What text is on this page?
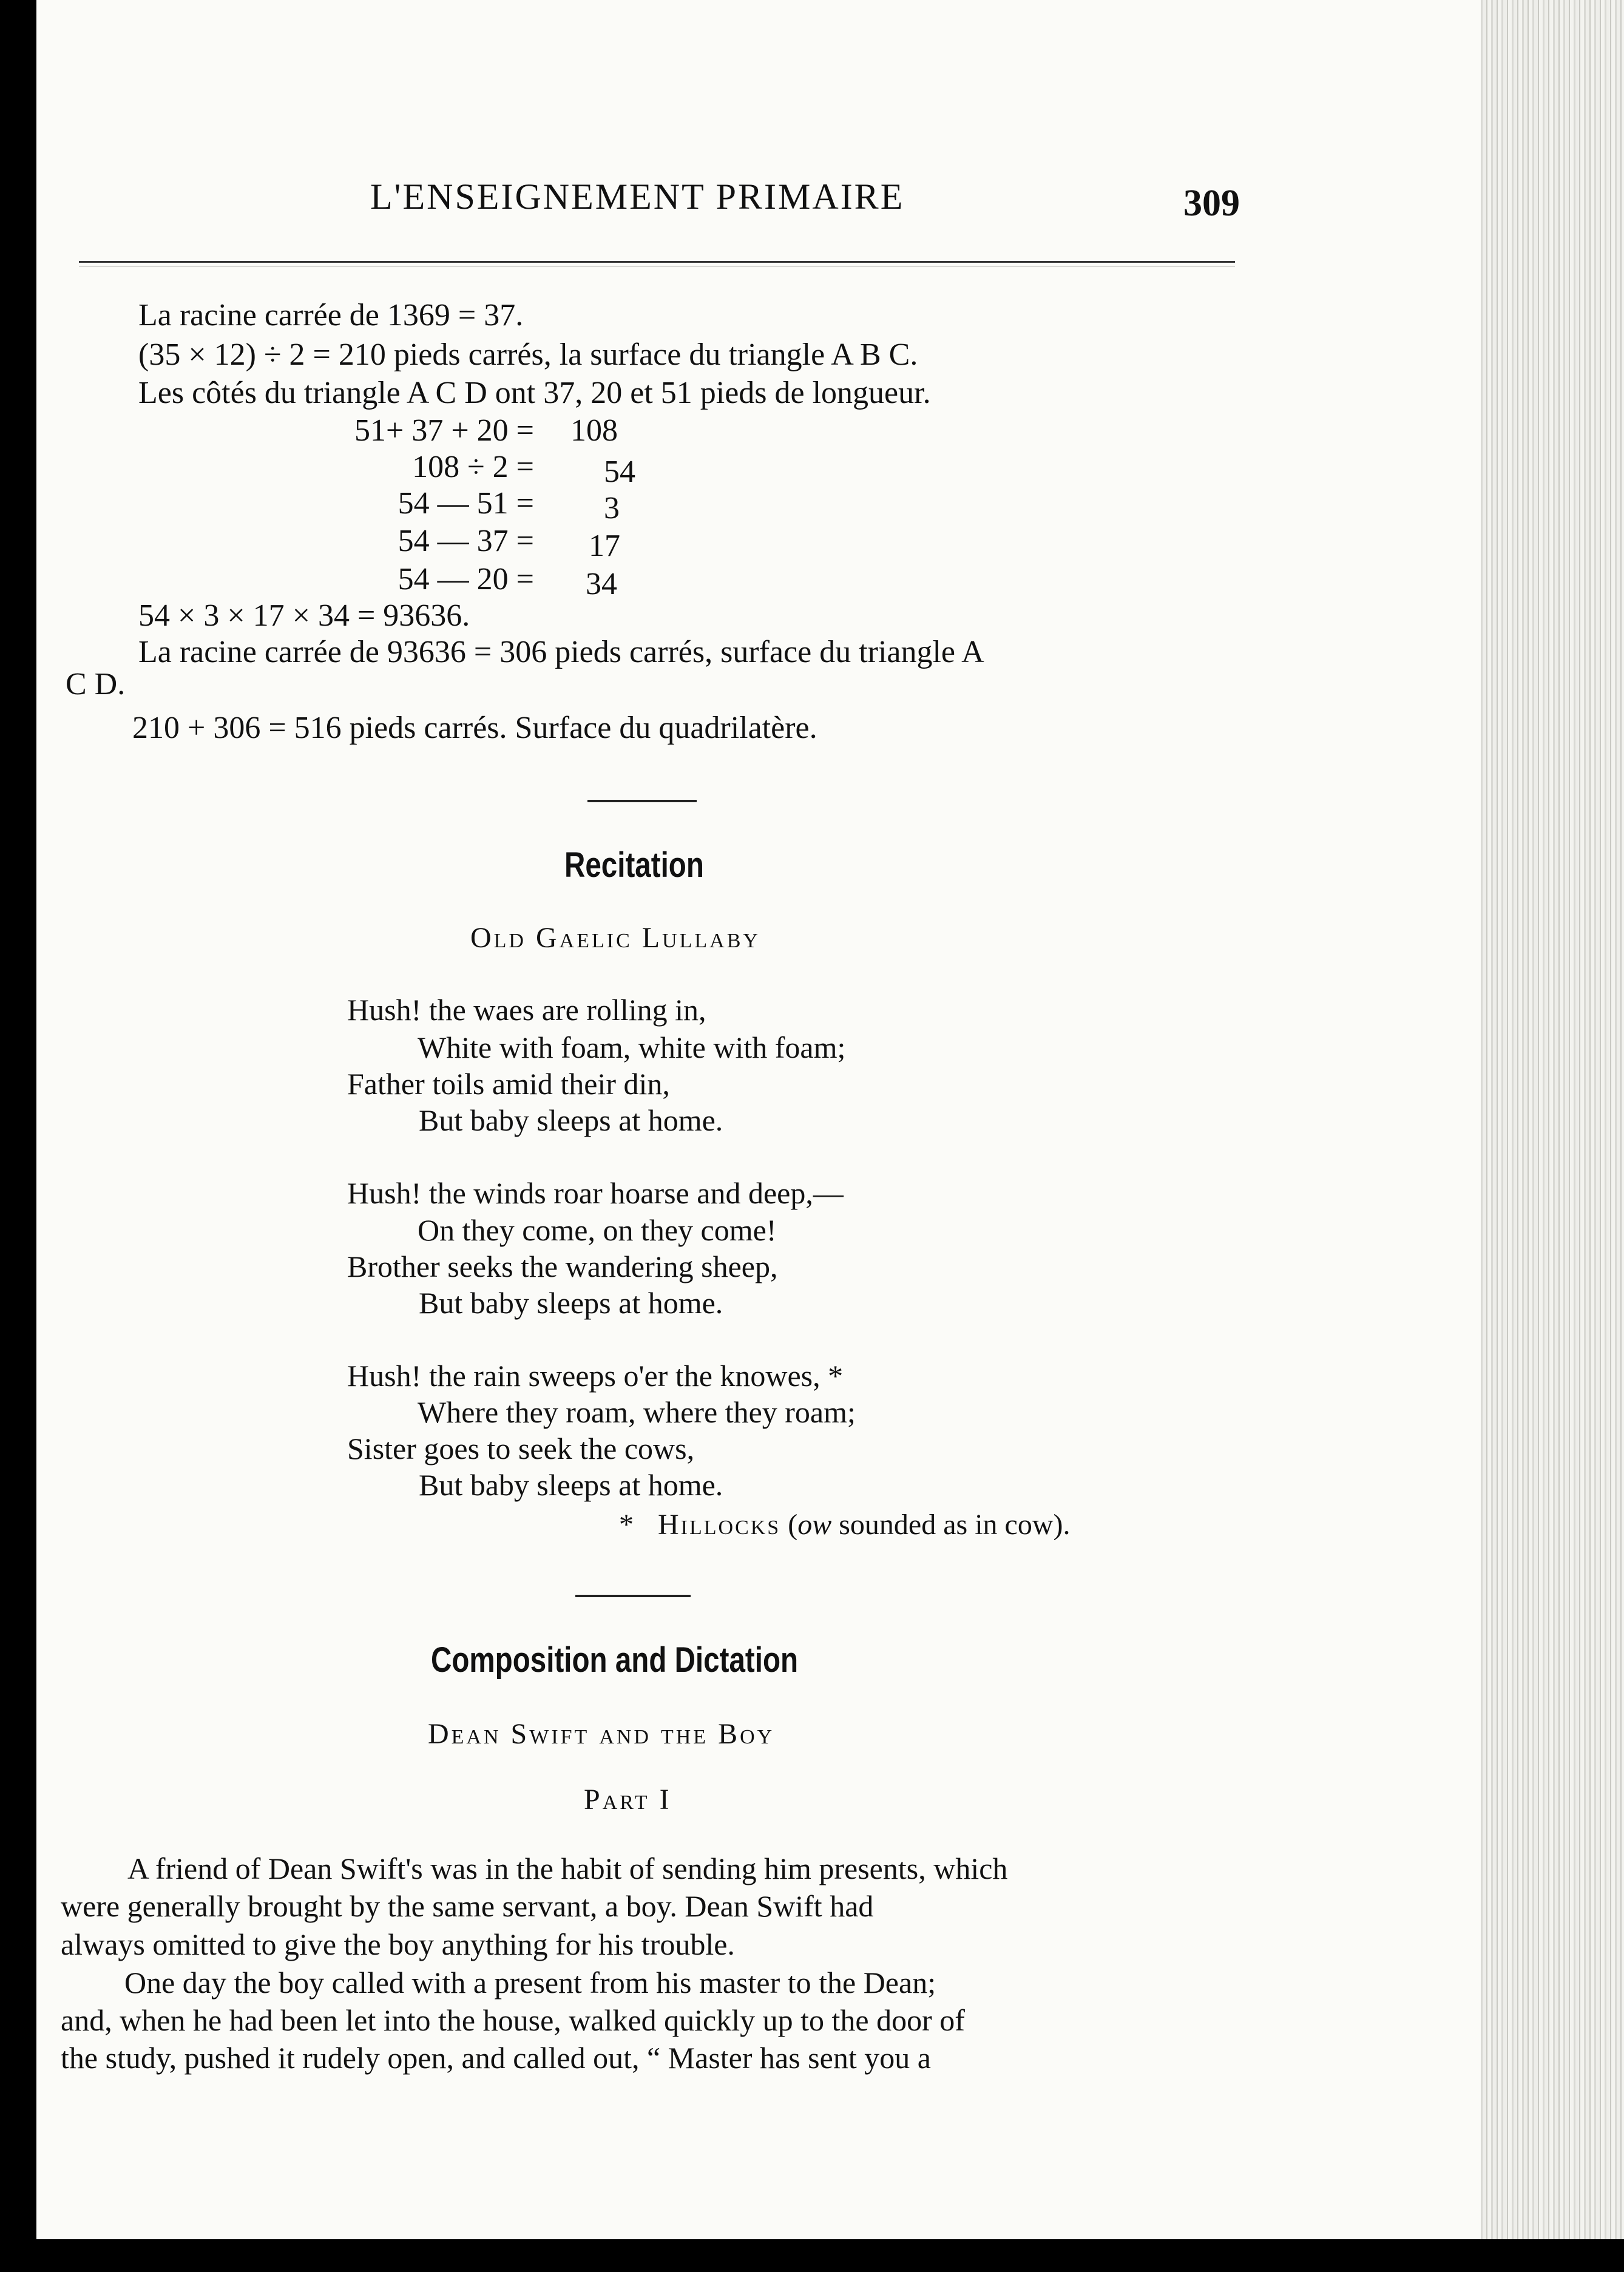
L'ENSEIGNEMENT PRIMAIRE	309
La racine carrée de 1369 = 37.
(35 × 12) ÷ 2 = 210 pieds carrés, la surface du triangle A B C.
Les côtés du triangle A C D ont 37, 20 et 51 pieds de longueur.
51+ 37 + 20 = 108
108 ÷ 2 = 54
54 — 51 = 3
54 — 37 = 17
54 — 20 = 34
54 × 3 × 17 × 34 = 93636.
La racine carrée de 93636 = 306 pieds carrés, surface du triangle A
C D.
210 + 306 = 516 pieds carrés. Surface du quadrilatère.
Recitation
Old Gaelic Lullaby
Hush! the waes are rolling in,
White with foam, white with foam;
Father toils amid their din,
But baby sleeps at home.
Hush! the winds roar hoarse and deep,—
On they come, on they come!
Brother seeks the wandering sheep,
But baby sleeps at home.
Hush! the rain sweeps o'er the knowes, *
Where they roam, where they roam;
Sister goes to seek the cows,
But baby sleeps at home.
* Hillocks (ow sounded as in cow).
Composition and Dictation
Dean Swift and the Boy
Part I
A friend of Dean Swift's was in the habit of sending him presents, which
were generally brought by the same servant, a boy. Dean Swift had
always omitted to give the boy anything for his trouble.
One day the boy called with a present from his master to the Dean;
and, when he had been let into the house, walked quickly up to the door of
the study, pushed it rudely open, and called out, “ Master has sent you a
